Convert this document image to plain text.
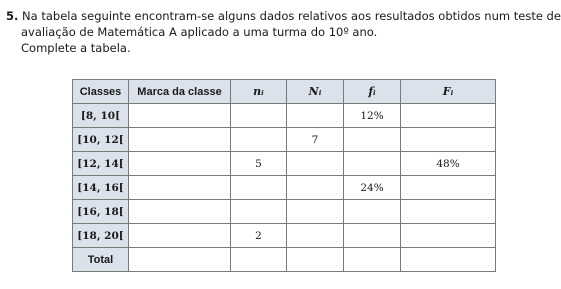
5. Na tabela seguinte encontram-se alguns dados relativos aos resultados obtidos num teste de
avaliação de Matemática A aplicado a uma turma do 10º ano.
Complete a tabela.
Classes	Marca da classe	nᵢ	Nᵢ	fᵢ	Fᵢ
[8, 10[				12%	
[10, 12[			7		
[12, 14[		5			48%
[14, 16[				24%	
[16, 18[					
[18, 20[		2			
Total					
